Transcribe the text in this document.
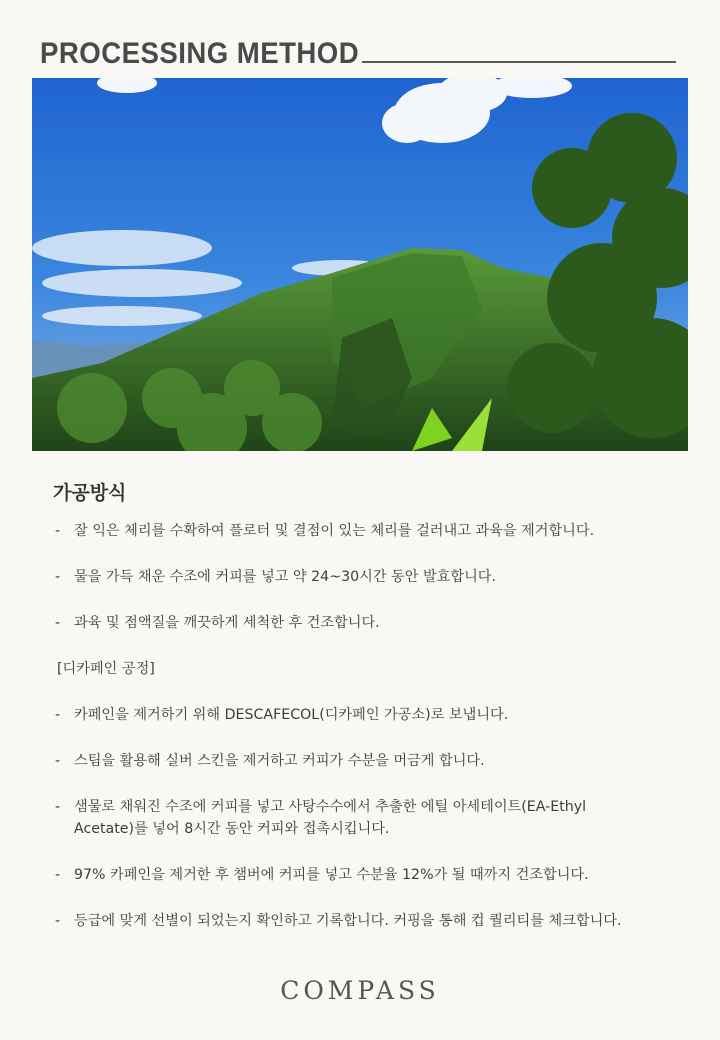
PROCESSING METHOD
가공방식
- 잘 익은 체리를 수확하여 플로터 및 결점이 있는 체리를 걸러내고 과육을 제거합니다.
- 물을 가득 채운 수조에 커피를 넣고 약 24~30시간 동안 발효합니다.
- 과육 및 점액질을 깨끗하게 세척한 후 건조합니다.
[디카페인 공정]
- 카페인을 제거하기 위해 DESCAFECOL(디카페인 가공소)로 보냅니다.
- 스팀을 활용해 실버 스킨을 제거하고 커피가 수분을 머금게 합니다.
- 샘물로 채워진 수조에 커피를 넣고 사탕수수에서 추출한 에틸 아세테이트(EA-Ethyl Acetate)를 넣어 8시간 동안 커피와 접촉시킵니다.
- 97% 카페인을 제거한 후 챔버에 커피를 넣고 수분율 12%가 될 때까지 건조합니다.
- 등급에 맞게 선별이 되었는지 확인하고 기록합니다. 커핑을 통해 컵 퀄리티를 체크합니다.
COMPASS
